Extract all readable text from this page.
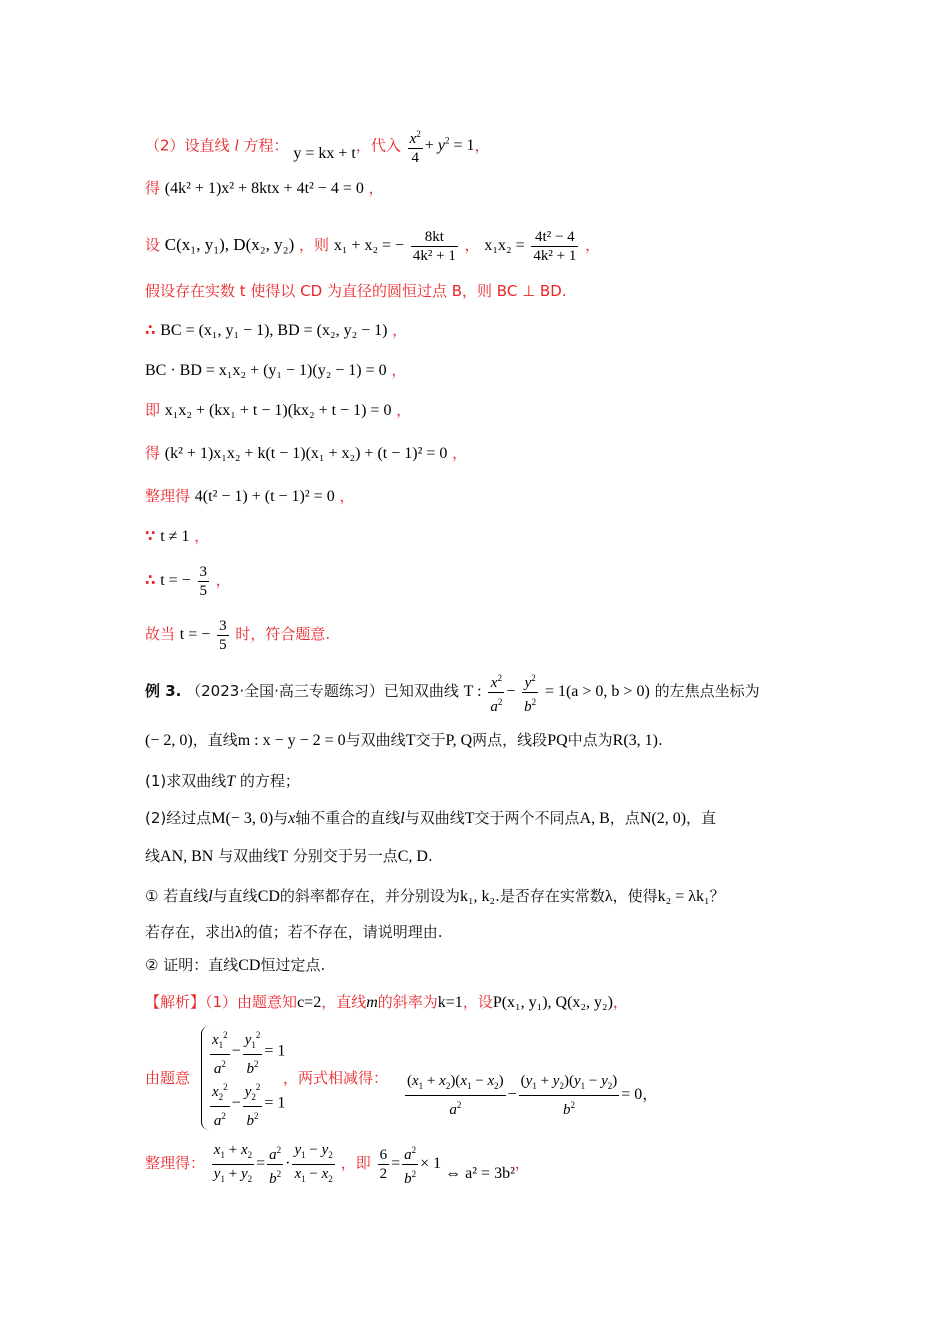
（2）设直线 l 方程： y = kx + t，代入 $\frac{x^2}{4} + y^2 = 1$，
得 (4k² + 1)x² + 8ktx + 4t² − 4 = 0 ，
设 C(x₁, y₁), D(x₂, y₂) ，则 x₁ + x₂ = − $\frac{8kt}{\text{4k² + 1}}$ ， $x_1x_2 = \frac{\text{4t² − 4}}{\text{4k² + 1}}$ ，
假设存在实数 t 使得以 CD 为直径的圆恒过点 B，则 BC ⊥ BD.
∴ BC = (x₁, y₁ − 1), BD = (x₂, y₂ − 1) ，
BC · BD = x₁x₂ + (y₁ − 1)(y₂ − 1) = 0 ，
即 x₁x₂ + (kx₁ + t − 1)(kx₂ + t − 1) = 0 ，
得 (k² + 1)x₁x₂ + k(t − 1)(x₁ + x₂) + (t − 1)² = 0 ，
整理得 4(t² − 1) + (t − 1)² = 0 ，
∵ t ≠ 1 ，
∴ t = − $\frac{3}{5}$ ，
故当 t = − $\frac{3}{5}$ 时，符合题意.
例 3. （2023·全国·高三专题练习）已知双曲线 T : $\frac{x^2}{a^2} - \frac{y^2}{b^2} = 1(a > 0$, b > 0) 的左焦点坐标为
(− 2, 0)，直线m : x − y − 2 = 0与双曲线T交于P, Q两点，线段PQ中点为R(3, 1).
(1)求双曲线T 的方程；
(2)经过点M(− 3, 0)与x轴不重合的直线l与双曲线T交于两个不同点A, B，点N(2, 0)，直
线AN, BN 与双曲线T 分别交于另一点C, D.
① 若直线l与直线CD的斜率都存在，并分别设为k₁, k₂.是否存在实常数λ，使得k₂ = λk₁？
若存在，求出λ的值；若不存在，请说明理由.
② 证明：直线CD恒过定点.
【解析】（1）由题意知c=2，直线m的斜率为k=1，设P(x₁, y₁), Q(x₂, y₂)，
由题意 $\frac{x_1^2}{a^2} - \frac{y_1^2}{b^2} = 1$
$\frac{x_2^2}{a^2} - \frac{y_2^2}{b^2} = 1$
，两式相减得： $\frac{(x_1 + x_2)(x_1 - x_2)}{a^2} - \frac{(y_1 + y_2)(y_1 - y_2)}{b^2} = 0$，
整理得： $\frac{x_1 + x_2}{y_1 + y_2} = \frac{a^2}{b^2} \cdot \frac{y_1 - y_2}{x_1 - x_2}$ ，即 $\frac{6}{2} = \frac{a^2}{b^2} \times 1$ ⇔ a² = 3b²，
